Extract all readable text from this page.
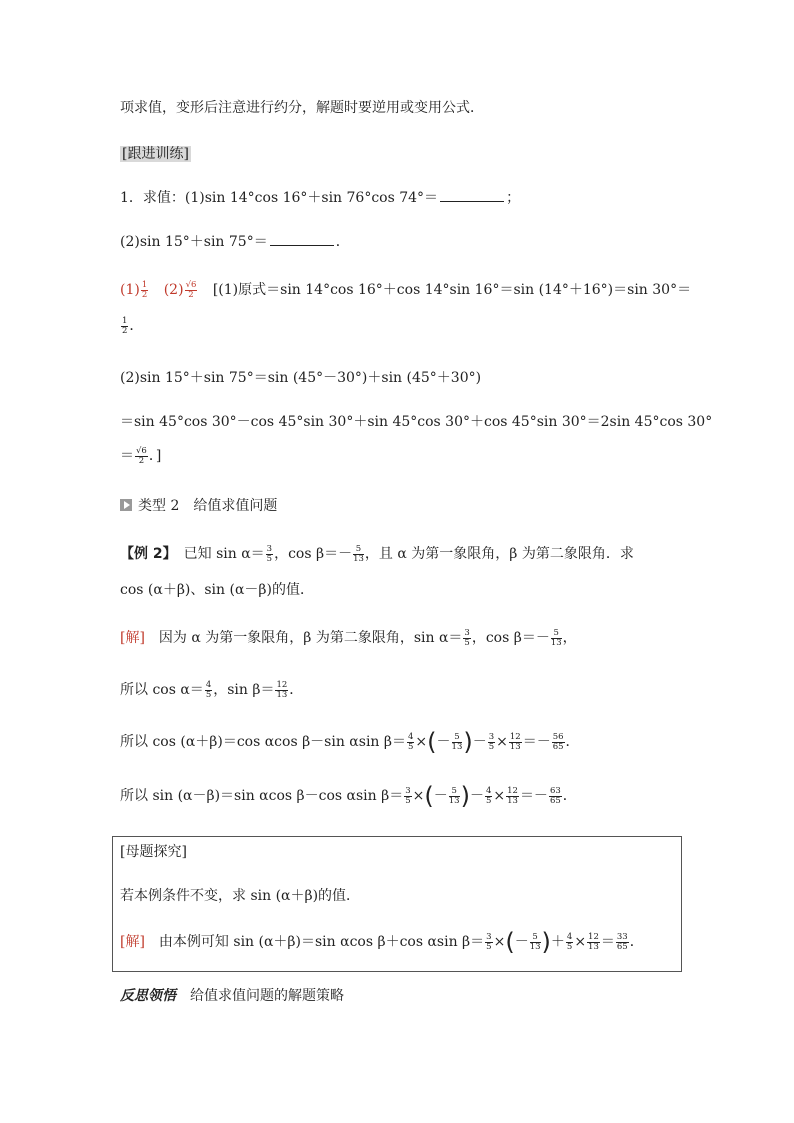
项求值，变形后注意进行约分，解题时要逆用或变用公式．
[跟进训练]
1．求值：(1)sin 14°cos 16°＋sin 76°cos 74°＝	；
(2)sin 15°＋sin 75°＝	．
$(1) \frac{1}{2} (2) \frac{√6}{2} [(1)$原式＝sin 14°cos 16°＋cos 14°sin 16°＝sin (14°＋16°)＝sin 30°＝
$\frac{1}{2}$ ．
(2)sin 15°＋sin 75°＝sin (45°－30°)＋sin (45°＋30°)
＝sin 45°cos 30°－cos 45°sin 30°＋sin 45°cos 30°＋cos 45°sin 30°＝2sin 45°cos 30°
＝ $\frac{√6}{2}$ ．]
类型 2　给值求值问题
【例 2】　已知 $\sin \alpha= \frac{3}{5}$ ，$\cos \beta=- \frac{5}{13}$ ，且 α 为第一象限角，β 为第二象限角．求
cos (α＋β)、sin (α－β)的值．
[解]　因为 α 为第一象限角，β 为第二象限角，$\sin \alpha= \frac{3}{5}$ ，$\cos \beta=- \frac{5}{13}$ ，
所以 $\cos \alpha= \frac{4}{5}$ ，$\sin \beta= \frac{12}{13}$ ．
所以 cos (α＋β)＝cos αcos β－sin αsin $\beta= \frac{4}{5}$ ×(－ $\frac{5}{13}$ )－ $\frac{3}{5} \times \frac{12}{13} =- \frac{56}{65}$ ．
所以 sin (α－β)＝sin αcos β－cos αsin $\beta= \frac{3}{5}$ ×(－ $\frac{5}{13}$ )－ $\frac{4}{5} \times \frac{12}{13} =- \frac{63}{65}$ ．
[母题探究]
若本例条件不变，求 sin (α＋β)的值．
[解]　由本例可知 sin (α＋β)＝sin αcos β＋cos αsin $\beta= \frac{3}{5}$ ×(－ $\frac{5}{13}$ )＋ $\frac{4}{5} \times \frac{12}{13} = \frac{33}{65}$ ．
反思领悟　给值求值问题的解题策略
